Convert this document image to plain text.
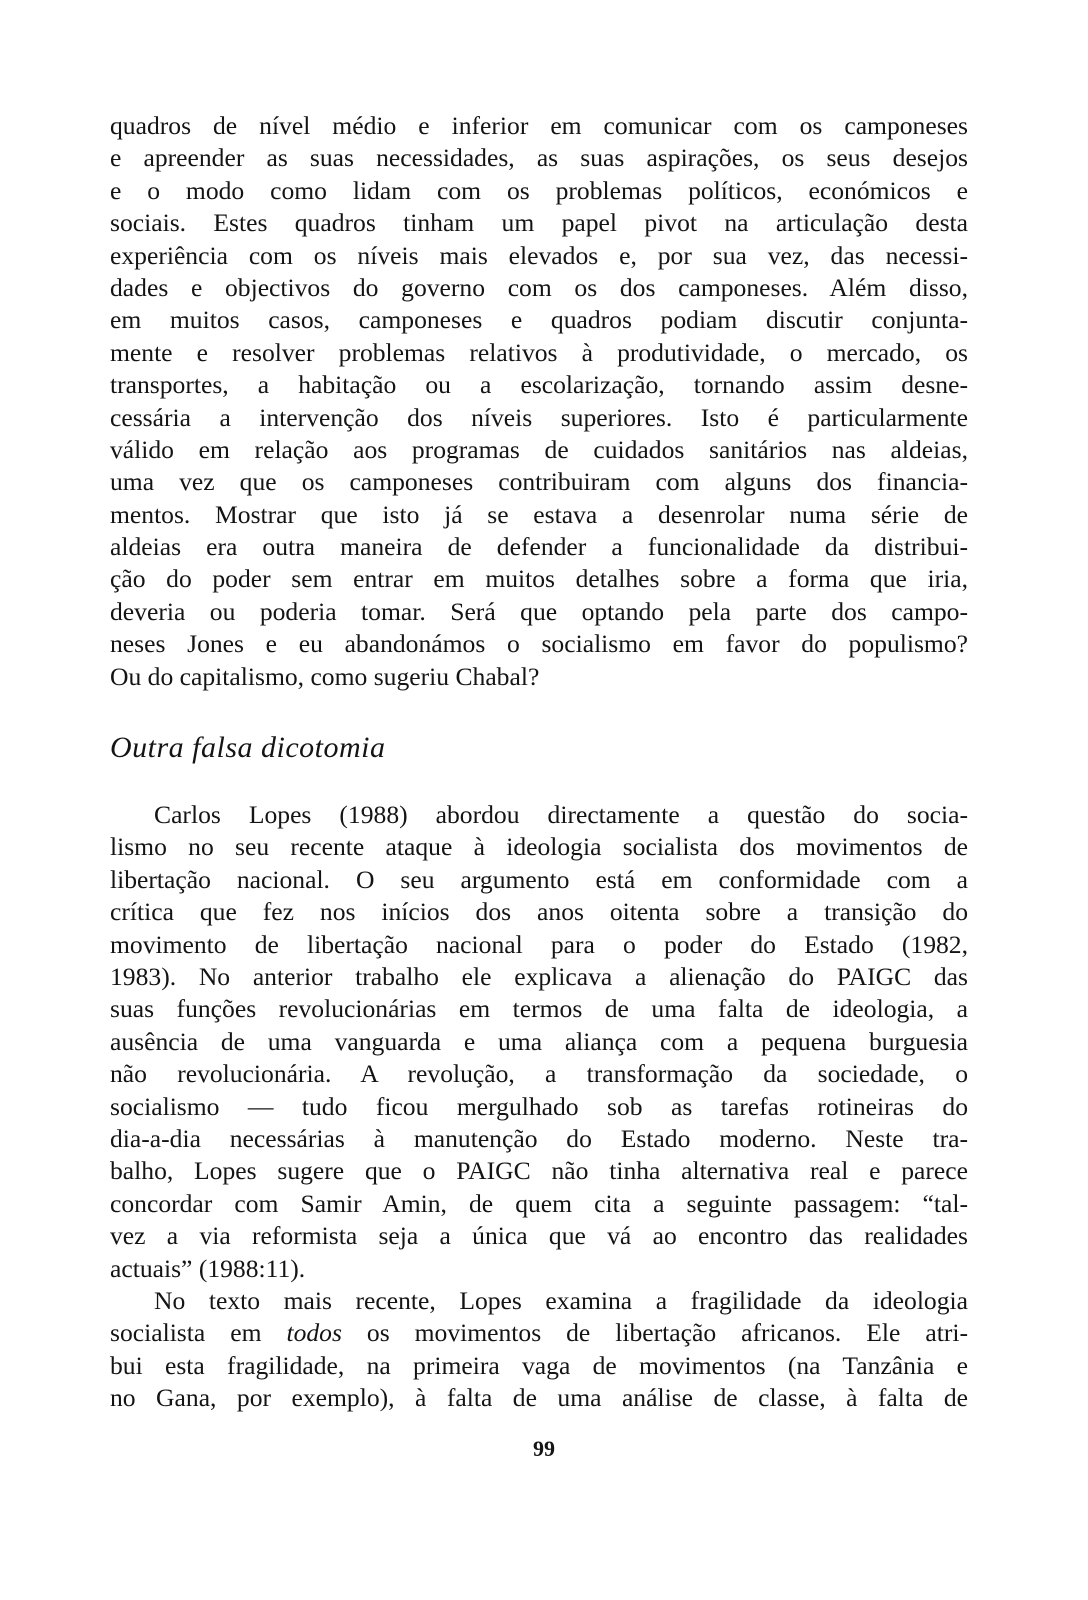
quadros de nível médio e inferior em comunicar com os camponeses
e apreender as suas necessidades, as suas aspirações, os seus desejos
e o modo como lidam com os problemas políticos, económicos e
sociais. Estes quadros tinham um papel pivot na articulação desta
experiência com os níveis mais elevados e, por sua vez, das necessi-
dades e objectivos do governo com os dos camponeses. Além disso,
em muitos casos, camponeses e quadros podiam discutir conjunta-
mente e resolver problemas relativos à produtividade, o mercado, os
transportes, a habitação ou a escolarização, tornando assim desne-
cessária a intervenção dos níveis superiores. Isto é particularmente
válido em relação aos programas de cuidados sanitários nas aldeias,
uma vez que os camponeses contribuiram com alguns dos financia-
mentos. Mostrar que isto já se estava a desenrolar numa série de
aldeias era outra maneira de defender a funcionalidade da distribui-
ção do poder sem entrar em muitos detalhes sobre a forma que iria,
deveria ou poderia tomar. Será que optando pela parte dos campo-
neses Jones e eu abandonámos o socialismo em favor do populismo?
Ou do capitalismo, como sugeriu Chabal?
Outra falsa dicotomia
Carlos Lopes (1988) abordou directamente a questão do socia-
lismo no seu recente ataque à ideologia socialista dos movimentos de
libertação nacional. O seu argumento está em conformidade com a
crítica que fez nos inícios dos anos oitenta sobre a transição do
movimento de libertação nacional para o poder do Estado (1982,
1983). No anterior trabalho ele explicava a alienação do PAIGC das
suas funções revolucionárias em termos de uma falta de ideologia, a
ausência de uma vanguarda e uma aliança com a pequena burguesia
não revolucionária. A revolução, a transformação da sociedade, o
socialismo — tudo ficou mergulhado sob as tarefas rotineiras do
dia-a-dia necessárias à manutenção do Estado moderno. Neste tra-
balho, Lopes sugere que o PAIGC não tinha alternativa real e parece
concordar com Samir Amin, de quem cita a seguinte passagem: “tal-
vez a via reformista seja a única que vá ao encontro das realidades
actuais” (1988:11).
No texto mais recente, Lopes examina a fragilidade da ideologia
socialista em todos os movimentos de libertação africanos. Ele atri-
bui esta fragilidade, na primeira vaga de movimentos (na Tanzânia e
no Gana, por exemplo), à falta de uma análise de classe, à falta de
99
